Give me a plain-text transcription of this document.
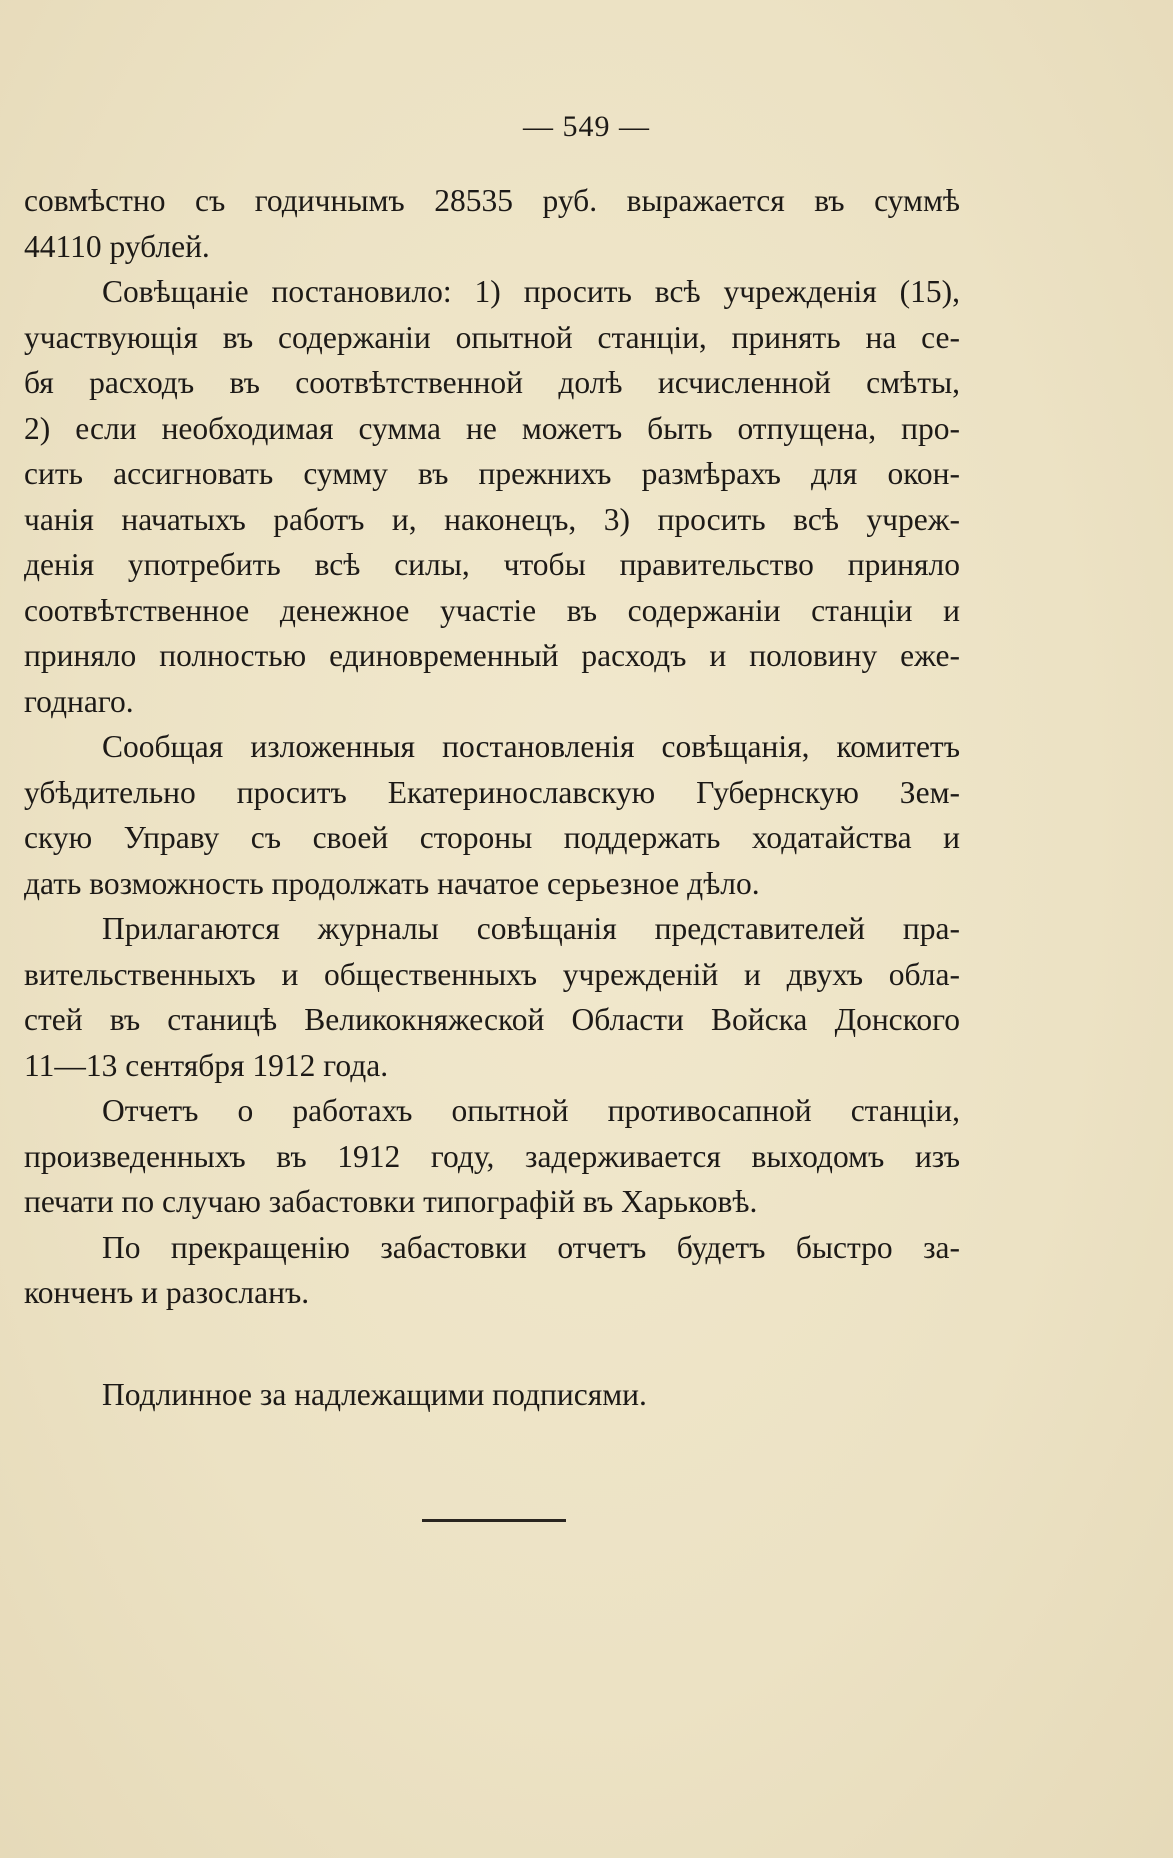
— 549 —
совмѣстно съ годичнымъ 28535 руб. выражается въ суммѣ
44110 рублей.
Совѣщаніе постановило: 1) просить всѣ учрежденія (15),
участвующія въ содержаніи опытной станціи, принять на се-
бя расходъ въ соотвѣтственной долѣ исчисленной смѣты,
2) если необходимая сумма не можетъ быть отпущена, про-
сить ассигновать сумму въ прежнихъ размѣрахъ для окон-
чанія начатыхъ работъ и, наконецъ, 3) просить всѣ учреж-
денія употребить всѣ силы, чтобы правительство приняло
соотвѣтственное денежное участіе въ содержаніи станціи и
приняло полностью единовременный расходъ и половину еже-
годнаго.
Сообщая изложенныя постановленія совѣщанія, комитетъ
убѣдительно проситъ Екатеринославскую Губернскую Зем-
скую Управу съ своей стороны поддержать ходатайства и
дать возможность продолжать начатое серьезное дѣло.
Прилагаются журналы совѣщанія представителей пра-
вительственныхъ и общественныхъ учрежденій и двухъ обла-
стей въ станицѣ Великокняжеской Области Войска Донского
11—13 сентября 1912 года.
Отчетъ о работахъ опытной противосапной станціи,
произведенныхъ въ 1912 году, задерживается выходомъ изъ
печати по случаю забастовки типографій въ Харьковѣ.
По прекращенію забастовки отчетъ будетъ быстро за-
конченъ и разосланъ.
Подлинное за надлежащими подписями.
